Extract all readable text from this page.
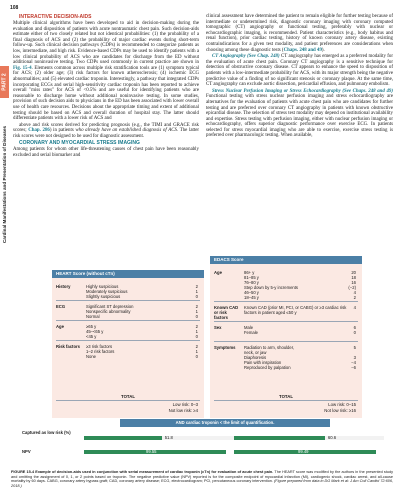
108
PART 2
Cardinal Manifestations and Presentation of Diseases

INTERACTIVE DECISION-AIDS

Multiple clinical algorithms have been developed to aid in decision-making during the evaluation and disposition of patients with acute nontraumatic chest pain. Such decision-aids estimate either of two closely related but not identical probabilities: (1) the probability of a final diagnosis of ACS and (2) the probability of major cardiac events during short-term follow-up. Such clinical decision pathways (CDPs) is recommended to categorize patients as low, intermediate, and high risk. Evidence-based CDPs may be used to identify patients with a low clinical probability of ACS who are candidates for discharge from the ED without additional noninvasive testing. Two CDPs used commonly in current practice are shown in Fig. 15-4. Elements common across multiple risk stratification tools are (1) symptom typical for ACS; (2) older age; (3) risk factors for known atherosclerosis; (4) ischemic ECG abnormalities; and (5) elevated cardiac troponin. Interestingly, a pathway that integrated CDPs incorporating ECGs and serial high-sensitivity cardiac troponin has been reported to achieve overall "miss rates" for ACS of <0.5% and are useful for identifying patients who are reasonable to discharge home without additional noninvasive testing. In some studies, provision of such decision aids to physicians in the ED has been associated with lower overall use of health care resources. Decisions about the appropriate timing and extent of additional testing should be based on ACS and overall duration of hospital stay. The latter should differentiate patients with a lower risk of ACS and

above and risk scores derived for predicting prognosis (e.g., the TIMI and GRACE risk scores; Chap. 286) in patients who already have an established diagnosis of ACS. The latter risk scores were not designed to be used for diagnostic assessment.

CORONARY AND MYOCARDIAL STRESS IMAGING

Among patients for whom other life-threatening causes of chest pain have been reasonably excluded and serial biomarker and

clinical assessment have determined the patient to remain eligible for further testing because of intermediate or undetermined risk, diagnostic coronary imaging with coronary computed tomographic (CT) angiography or functional testing, preferably with nuclear or echocardiographic imaging, is recommended. Patient characteristics (e.g., body habitus and renal function), prior cardiac testing, history of known coronary artery disease, existing contraindications for a given test modality, and patient preferences are considerations when choosing among these diagnostic tests (Chaps. 248 and 49).

CT Angiography (See Chap. 248) CT angiography has emerged as a preferred modality for the evaluation of acute chest pain. Coronary CT angiography is a sensitive technique for detection of obstructive coronary disease. CT appears to enhance the speed to disposition of patients with a low-intermediate probability for ACS, with its major strength being the negative predictive value of a finding of no significant stenosis or coronary plaque. At the same time, CT angiography can exclude aortic dissection, pericardial effusion, and pulmonary embolism.

Stress Nuclear Perfusion Imaging or Stress Echocardiography (See Chaps. 248 and 49) Functional testing with stress nuclear perfusion imaging and stress echocardiography are alternatives for the evaluation of patients with acute chest pain who are candidates for further testing and are preferred over coronary CT angiography in patients with known obstructive epicardial disease. The selection of stress test modality may depend on institutional availability and expertise. Stress testing with perfusion imaging, either with nuclear perfusion imaging or echocardiography, offers superior diagnostic performance over exercise ECG. In patients selected for stress myocardial imaging who are able to exercise, exercise stress testing is preferred over pharmacologic testing. When available,

HEART Score (without cTn)
History	Highly suspicious	2
Moderately suspicious	1
Slightly suspicious	0
ECG	Significant ST depression	2
Nonspecific abnormality	1
Normal	0
Age	≥65 y	2
45–<65 y	1
<45 y	0
Risk factors	≥3 risk factors	2
1–2 risk factors	1
None	0
TOTAL
Low risk: 0–3
Not low risk: ≥4
EDACS Score
Age	86+ y	20
81–85 y	18
76–80 y	16
Step down by 5-y increments	(−2)
46–50 y	4
18–45 y	2
Known CAD or risk factors
Known CAD (prior MI, PCI, or CABG) or ≥3 cardiac risk	4
factors in patient aged ≤50 y
Sex	Male	6
Female	0
Symptoms	Radiation to arm, shoulder,	5
neck, or jaw
Diaphoresis	3
Pain with inspiration	−4
Reproduced by palpation	−6
TOTAL
Low risk: 0–15
Not low risk: ≥16
AND cardiac troponin < the limit of quantification.
Captured as low risk (%)
51.8	60.6
NPV	99.55	99.49
FIGURE 15-4 Example of decision-aids used in conjunction with serial measurement of cardiac troponin (cTn) for evaluation of acute chest pain. The HEART score was modified by the authors in the presented study and omitting the assignment of 0, 1, or 2 points based on troponin. The negative predictive value (NPV) reported is for the composite endpoint of myocardial infarction (MI), cardiogenic shock, cardiac arrest, and all-cause mortality by 60 days. CABG, coronary artery bypass graft; CAD, coronary artery disease; ECG, electrocardiogram; PCI, percutaneous coronary intervention. (Figure prepared from data in DG Mark et al: J Am Coll Cardiol 72:606, 2018.)
